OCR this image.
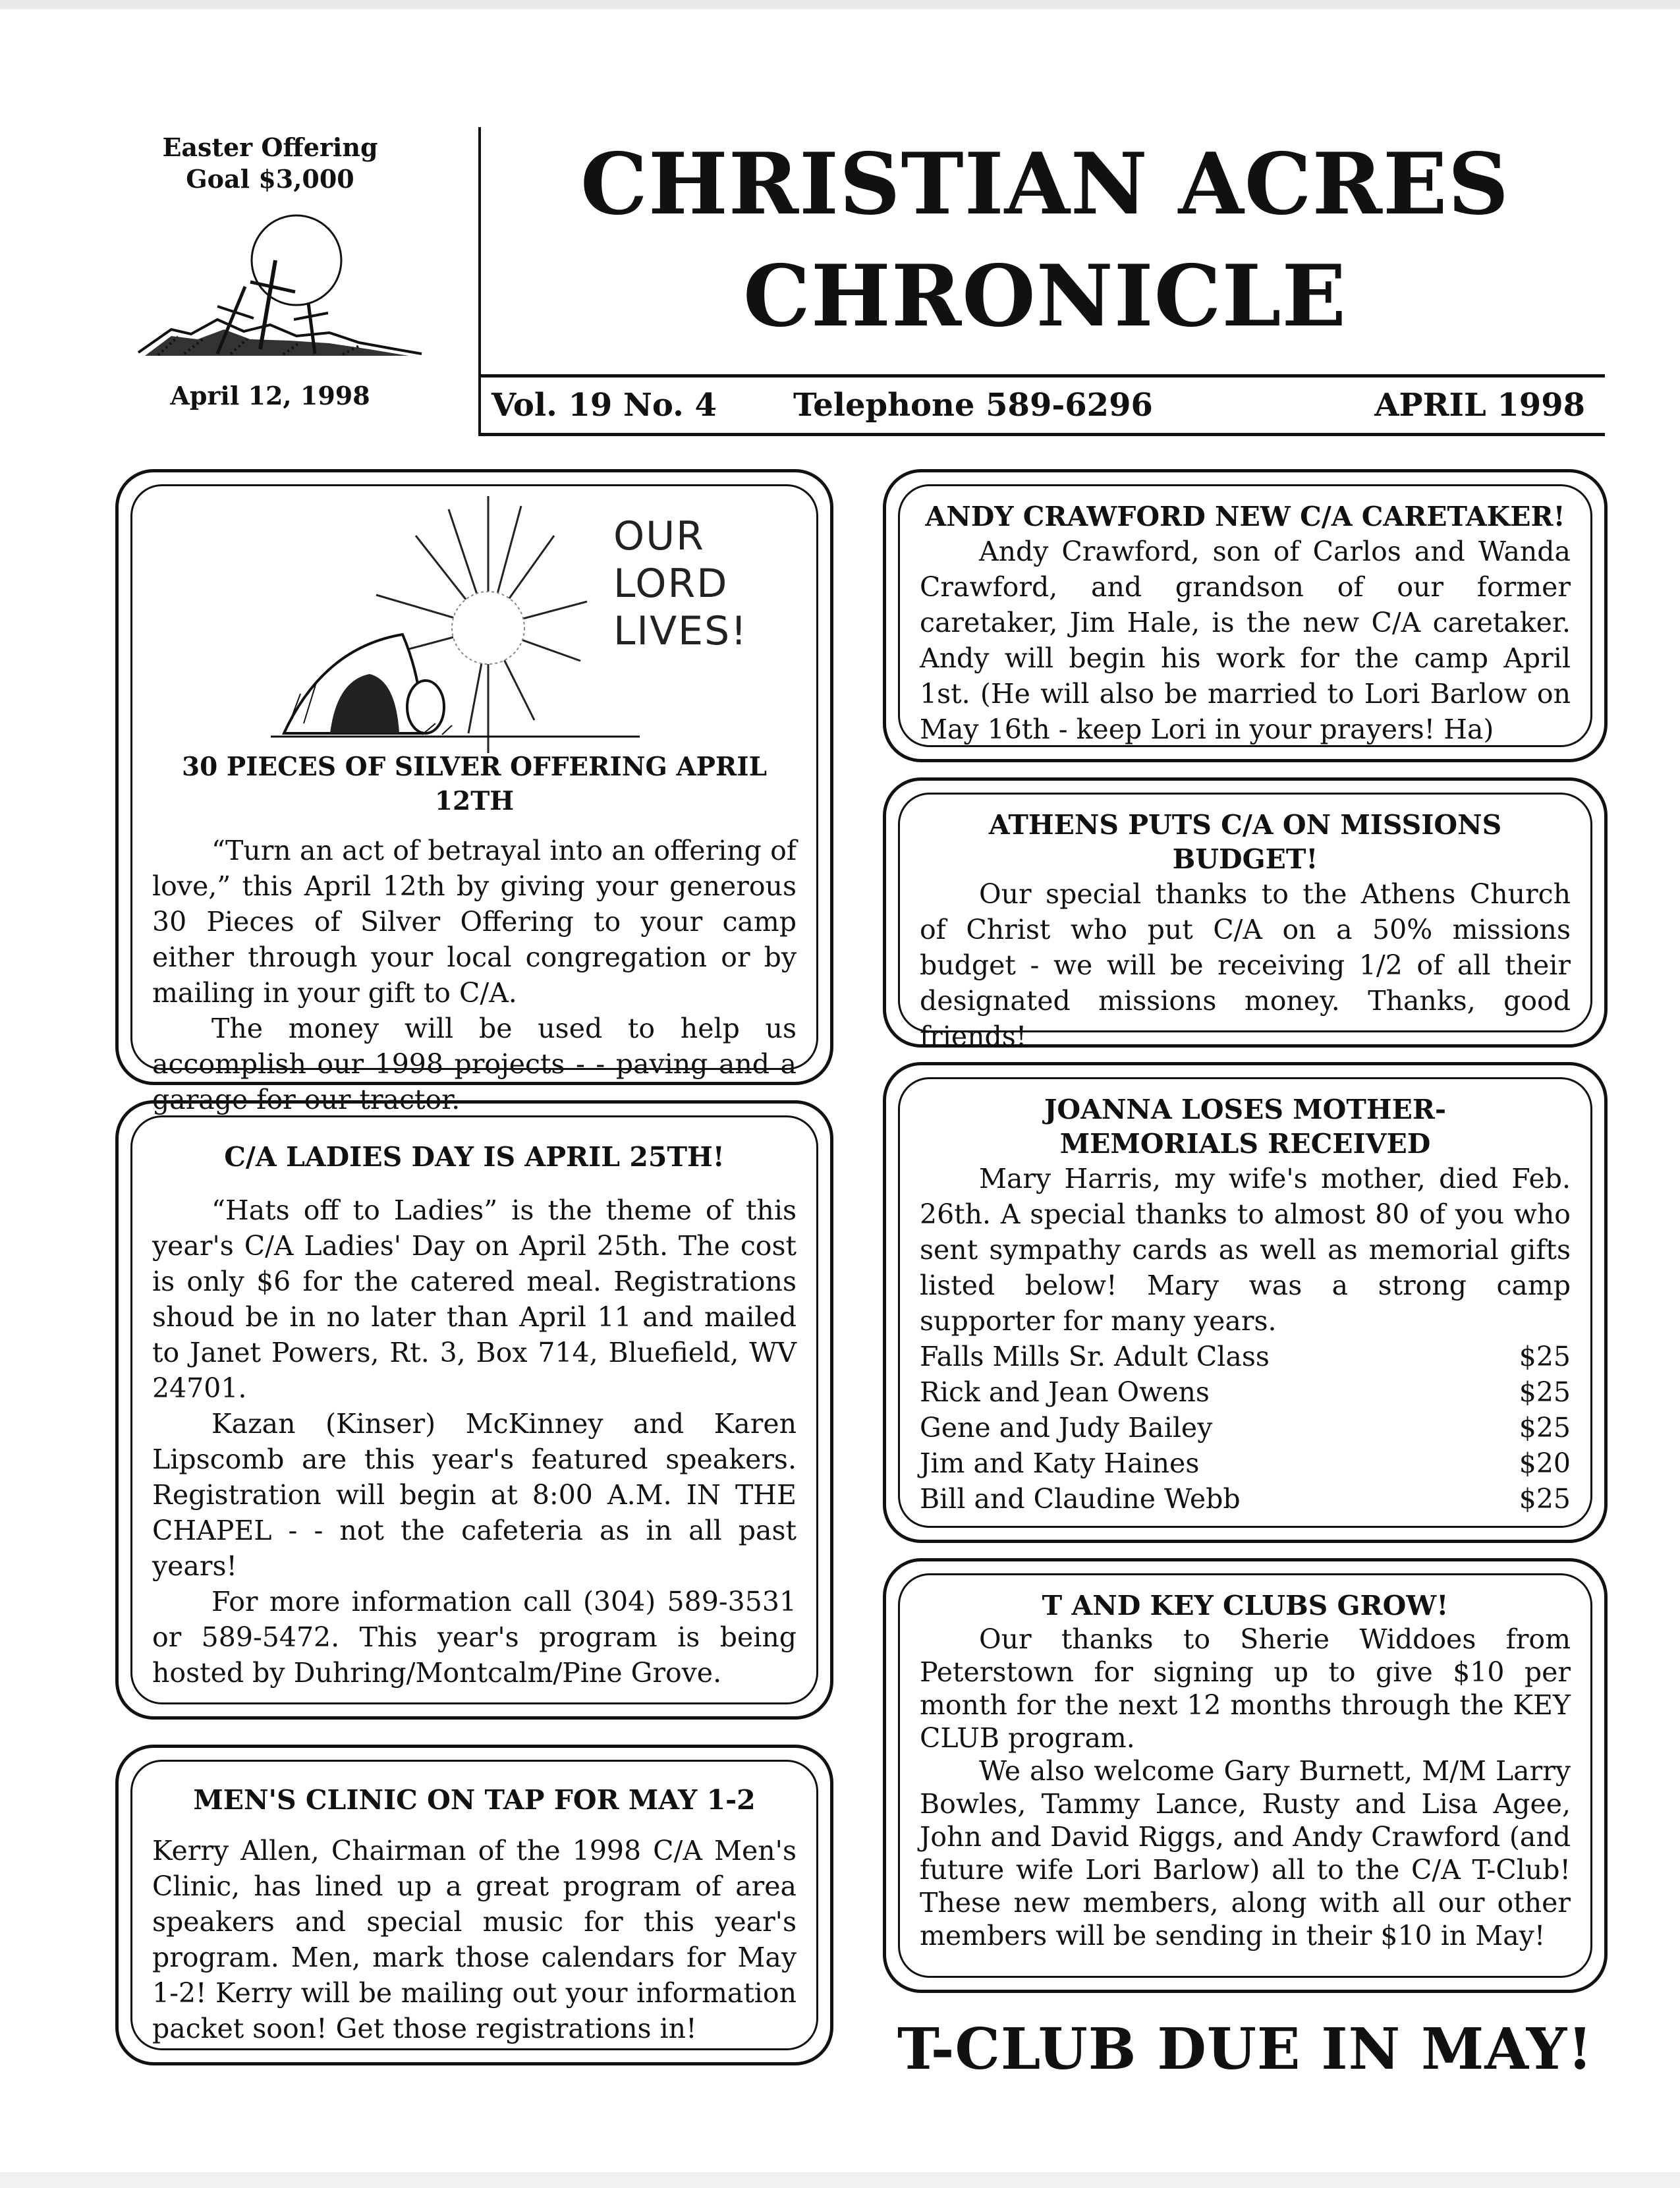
Easter Offering
Goal $3,000
April 12, 1998
CHRISTIAN ACRES
CHRONICLE
Vol. 19 No. 4 Telephone 589-6296	APRIL 1998
OUR
LORD
LIVES!
30 PIECES OF SILVER OFFERING APRIL 12TH

“Turn an act of betrayal into an offering of love,” this April 12th by giving your generous 30 Pieces of Silver Offering to your camp either through your local congregation or by mailing in your gift to C/A.

The money will be used to help us accomplish our 1998 projects - - paving and a garage for our tractor.

C/A LADIES DAY IS APRIL 25TH!

“Hats off to Ladies” is the theme of this year's C/A Ladies' Day on April 25th. The cost is only $6 for the catered meal. Registrations shoud be in no later than April 11 and mailed to Janet Powers, Rt. 3, Box 714, Bluefield, WV 24701.

Kazan (Kinser) McKinney and Karen Lipscomb are this year's featured speakers. Registration will begin at 8:00 A.M. IN THE CHAPEL - - not the cafeteria as in all past years!

For more information call (304) 589-3531 or 589-5472. This year's program is being hosted by Duhring/Montcalm/Pine Grove.

MEN'S CLINIC ON TAP FOR MAY 1-2

Kerry Allen, Chairman of the 1998 C/A Men's Clinic, has lined up a great program of area speakers and special music for this year's program. Men, mark those calendars for May 1-2! Kerry will be mailing out your information packet soon! Get those registrations in!

ANDY CRAWFORD NEW C/A CARETAKER!

Andy Crawford, son of Carlos and Wanda Crawford, and grandson of our former caretaker, Jim Hale, is the new C/A caretaker. Andy will begin his work for the camp April 1st. (He will also be married to Lori Barlow on May 16th - keep Lori in your prayers! Ha)

ATHENS PUTS C/A ON MISSIONS BUDGET!

Our special thanks to the Athens Church of Christ who put C/A on a 50% missions budget - we will be receiving 1/2 of all their designated missions money. Thanks, good friends!

JOANNA LOSES MOTHER-MEMORIALS RECEIVED

Mary Harris, my wife's mother, died Feb. 26th. A special thanks to almost 80 of you who sent sympathy cards as well as memorial gifts listed below! Mary was a strong camp supporter for many years.

Falls Mills Sr. Adult Class	$25
Rick and Jean Owens	$25
Gene and Judy Bailey	$25
Jim and Katy Haines	$20
Bill and Claudine Webb	$25
T AND KEY CLUBS GROW!

Our thanks to Sherie Widdoes from Peterstown for signing up to give $10 per month for the next 12 months through the KEY CLUB program.

We also welcome Gary Burnett, M/M Larry Bowles, Tammy Lance, Rusty and Lisa Agee, John and David Riggs, and Andy Crawford (and future wife Lori Barlow) all to the C/A T-Club! These new members, along with all our other members will be sending in their $10 in May!

T-CLUB DUE IN MAY!
